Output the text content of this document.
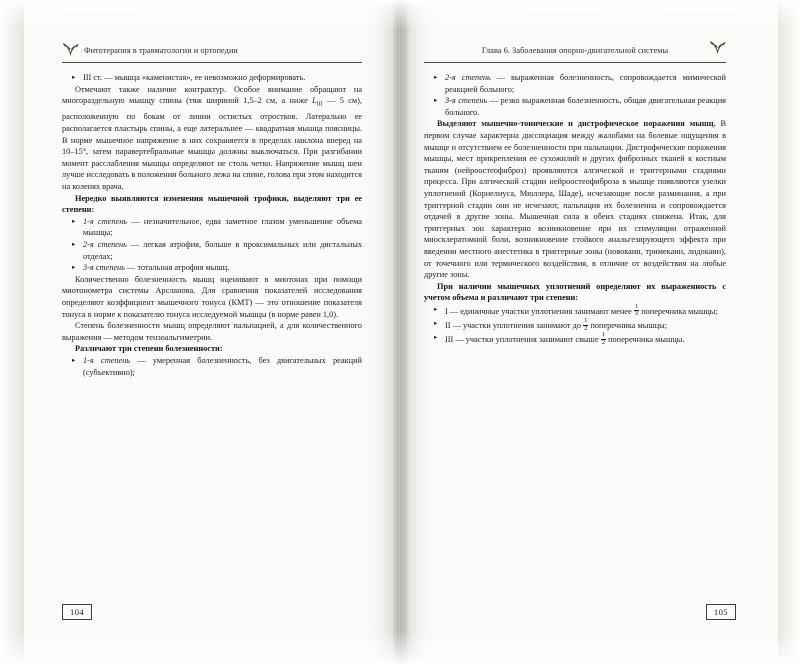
Фитотерапия в травматологии и ортопедии
▸ III ст. — мышца «каменистая», ее невозможно деформировать.

Отмечают также наличие контрактур. Особое внимание обращают на многораздельную мышцу спины (тяж шириной 1,5–2 см, а ниже $L_{III}$ — 5 см), расположенную по бокам от линии остистых отростков. Латерально ее располагается пластырь спины, а еще латеральнее — квадратная мышца поясницы. В норме мышечное напряжение в них сохраняется в пределах наклона вперед на 10–15°, затем паравертебральные мышцы должны выключаться. При разгибании момент расслабления мышцы определяют не столь четко. Напряжение мышц шеи лучше исследовать в положении больного лежа на спине, голова при этом находится на коленях врача.

Нередко выявляются изменения мышечной трофики, выделяют три ее степени:

▸ 1-я степень — незначительное, едва заметное глазом уменьшение объема мышцы;
▸ 2-я степень — легкая атрофия, больше в проксимальных или дистальных отделах;
▸ 3-я степень — тотальная атрофия мышц.

Количественно болезненность мышц оценивают в миотонах при помощи миотонометра системы Арсланова. Для сравнения показателей исследования определяют коэффициент мышечного тонуса (КМТ) — это отношение показателя тонуса в норме к показателю тонуса исследуемой мышцы (в норме равен 1,0).

Степень болезненности мышц определяют пальпацией, а для количественного выражения — методом тензоальгиметрии.

Различают три степени болезненности:

▸ 1-я степень — умеренная болезненность, без двигательных реакций (субъективно);
104
Глава 6. Заболевания опорно-двигательной системы
▸ 2-я степень — выраженная болезненность, сопровождается мимической реакцией больного;
▸ 3-я степень — резко выраженная болезненность, общая двигательная реакция больного.

Выделяют мышечно-тонические и дистрофическое поражения мышц. В первом случае характерна диссоциация между жалобами на болевые ощущения в мышце и отсутствием ее болезненности при пальпации. Дистрофические поражения мышцы, мест прикрепления ее сухожилий и других фиброзных тканей к костным тканям (нейроостеофиброз) проявляются алгической и триггерными стадиями процесса. При алгической стадии нейроостеофиброза в мышце появляются узелки уплотнений (Корнелиуса, Мюллера, Шаде), исчезающие после разминания, а при триггерной стадии они не исчезают, пальпация их болезненна и сопровождается отдачей в другие зоны. Мышечная сила в обеих стадиях снижена. Итак, для триггерных зон характерно возникновение при их стимуляции отраженной миосклератомной боли, возникновение стойкого анальгезирующего эффекта при введении местного анестетика в триггерные зоны (новокаин, тримекаин, лидокаин), от точечного или термического воздействия, в отличие от воздействия на любые другие зоны.

При наличии мышечных уплотнений определяют их выраженность с учетом объема и различают три степени:

▸ I — единичные участки уплотнения занимают менее $\frac{1}{3}$ поперечника мышцы;
▸ II — участки уплотнения занимают до $\frac{1}{2}$ поперечника мышцы;
▸ III — участки уплотнения занимают свыше $\frac{1}{2}$ поперечника мышцы.
105
